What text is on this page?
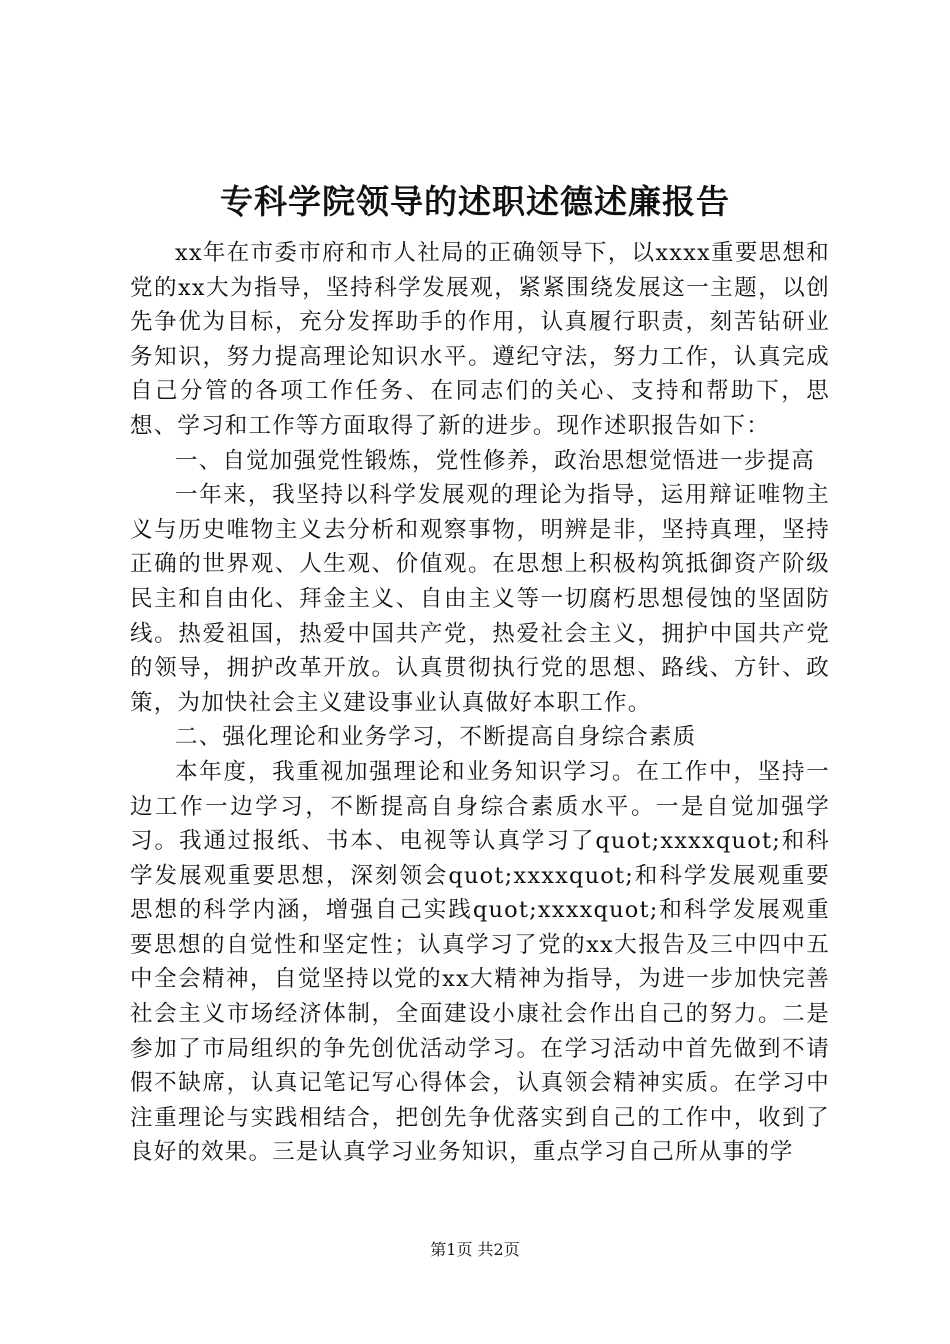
专科学院领导的述职述德述廉报告

xx年在市委市府和市人社局的正确领导下，以xxxx重要思想和党的xx大为指导，坚持科学发展观，紧紧围绕发展这一主题，以创先争优为目标，充分发挥助手的作用，认真履行职责，刻苦钻研业务知识，努力提高理论知识水平。遵纪守法，努力工作，认真完成自己分管的各项工作任务、在同志们的关心、支持和帮助下，思想、学习和工作等方面取得了新的进步。现作述职报告如下：

一、自觉加强党性锻炼，党性修养，政治思想觉悟进一步提高

一年来，我坚持以科学发展观的理论为指导，运用辩证唯物主义与历史唯物主义去分析和观察事物，明辨是非，坚持真理，坚持正确的世界观、人生观、价值观。在思想上积极构筑抵御资产阶级民主和自由化、拜金主义、自由主义等一切腐朽思想侵蚀的坚固防线。热爱祖国，热爱中国共产党，热爱社会主义，拥护中国共产党的领导，拥护改革开放。认真贯彻执行党的思想、路线、方针、政策，为加快社会主义建设事业认真做好本职工作。

二、强化理论和业务学习，不断提高自身综合素质

本年度，我重视加强理论和业务知识学习。在工作中，坚持一边工作一边学习，不断提高自身综合素质水平。一是自觉加强学习。我通过报纸、书本、电视等认真学习了quot;xxxxquot;和科学发展观重要思想，深刻领会quot;xxxxquot;和科学发展观重要思想的科学内涵，增强自己实践quot;xxxxquot;和科学发展观重要思想的自觉性和坚定性；认真学习了党的xx大报告及三中四中五中全会精神，自觉坚持以党的xx大精神为指导，为进一步加快完善社会主义市场经济体制，全面建设小康社会作出自己的努力。二是参加了市局组织的争先创优活动学习。在学习活动中首先做到不请假不缺席，认真记笔记写心得体会，认真领会精神实质。在学习中注重理论与实践相结合，把创先争优落实到自己的工作中，收到了良好的效果。三是认真学习业务知识，重点学习自己所从事的学

第1页 共2页
